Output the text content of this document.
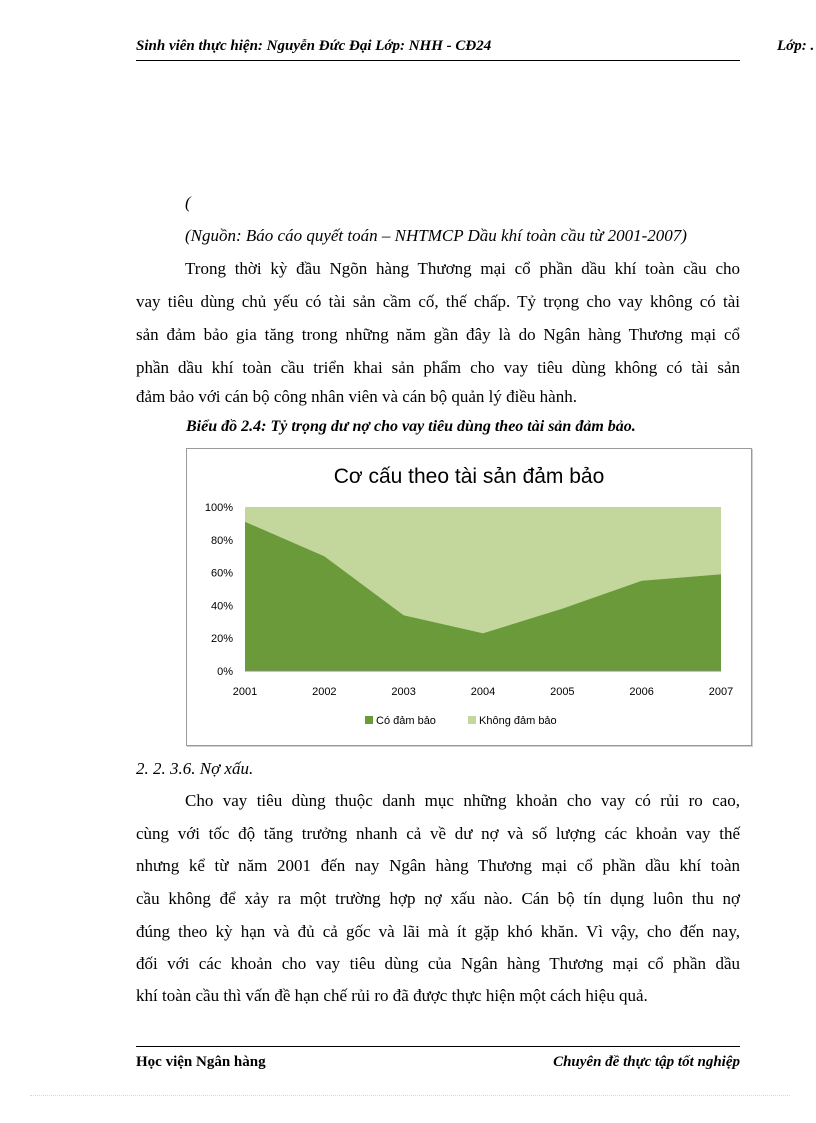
Sinh viên thực hiện: Nguyễn Đức Đại Lớp: NHH - CĐ24	Lớp: .
(
(Nguồn: Báo cáo quyết toán – NHTMCP Dầu khí toàn cầu từ 2001-2007)
Trong thời kỳ đầu Ngõn hàng Thương mại cổ phần dầu khí toàn cầu cho
vay tiêu dùng chủ yếu có tài sản cầm cố, thế chấp. Tỷ trọng cho vay không có tài
sản đảm bảo gia tăng trong những năm gần đây là do Ngân hàng Thương mại cổ
phần dầu khí toàn cầu triển khai sản phẩm cho vay tiêu dùng không có tài sản
đảm bảo với cán bộ công nhân viên và cán bộ quản lý điều hành.
Biểu đồ 2.4: Tỷ trọng dư nợ cho vay tiêu dùng theo tài sản đảm bảo.
Cơ cấu theo tài sản đảm bảo
0%
20%
40%
60%
80%
100%
2001	2002	2003	2004	2005	2006	2007
Có đảm bảo	Không đảm bảo
2. 2. 3.6. Nợ xấu.
Cho vay tiêu dùng thuộc danh mục những khoản cho vay có rủi ro cao,
cùng với tốc độ tăng trưởng nhanh cả về dư nợ và số lượng các khoản vay thế
nhưng kể từ năm 2001 đến nay Ngân hàng Thương mại cổ phần dầu khí toàn
cầu không để xảy ra một trường hợp nợ xấu nào. Cán bộ tín dụng luôn thu nợ
đúng theo kỳ hạn và đủ cả gốc và lãi mà ít gặp khó khăn. Vì vậy, cho đến nay,
đối với các khoản cho vay tiêu dùng của Ngân hàng Thương mại cổ phần dầu
khí toàn cầu thì vấn đề hạn chế rủi ro đã được thực hiện một cách hiệu quả.
Học viện Ngân hàng	Chuyên đề thực tập tốt nghiệp
